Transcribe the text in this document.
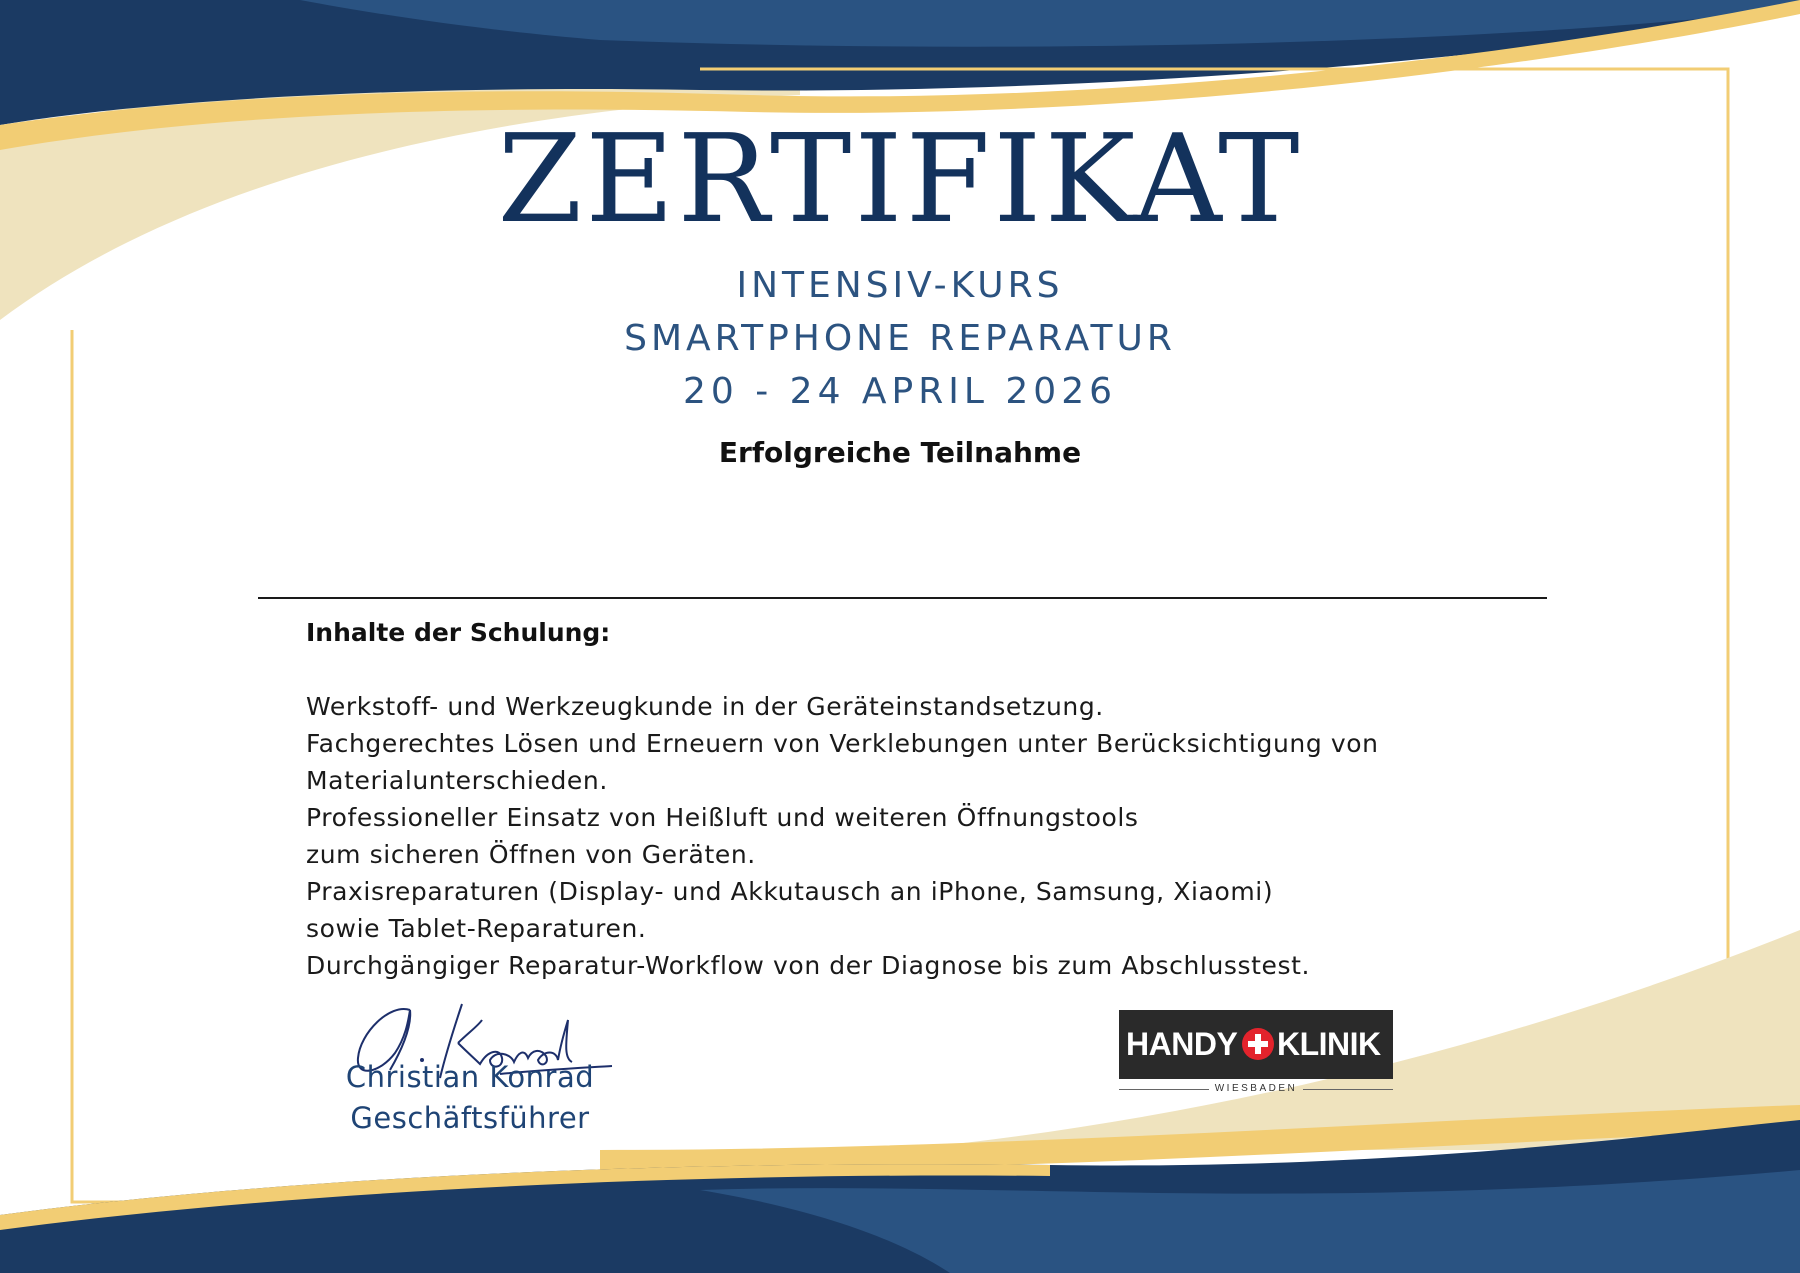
ZERTIFIKAT
INTENSIV-KURS
SMARTPHONE REPARATUR
20 - 24 APRIL 2026
Erfolgreiche Teilnahme
Inhalte der Schulung:
Werkstoff- und Werkzeugkunde in der Geräteinstandsetzung.
Fachgerechtes Lösen und Erneuern von Verklebungen unter Berücksichtigung von
Materialunterschieden.
Professioneller Einsatz von Heißluft und weiteren Öffnungstools
zum sicheren Öffnen von Geräten.
Praxisreparaturen (Display- und Akkutausch an iPhone, Samsung, Xiaomi)
sowie Tablet-Reparaturen.
Durchgängiger Reparatur-Workflow von der Diagnose bis zum Abschlusstest.
Christian Konrad
Geschäftsführer
HANDY KLINIK
WIESBADEN
